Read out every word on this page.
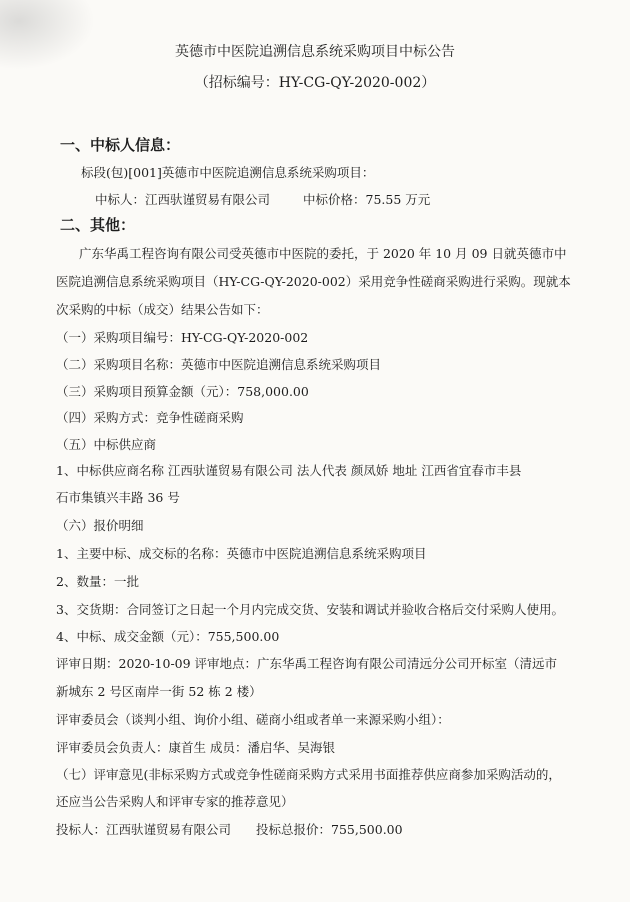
英德市中医院追溯信息系统采购项目中标公告
（招标编号：HY-CG-QY-2020-002）
一、中标人信息：
标段(包)[001]英德市中医院追溯信息系统采购项目：
中标人：江西驮谨贸易有限公司	中标价格：75.55 万元
二、其他：
广东华禹工程咨询有限公司受英德市中医院的委托，于 2020 年 10 月 09 日就英德市中
医院追溯信息系统采购项目（HY-CG-QY-2020-002）采用竞争性磋商采购进行采购。现就本
次采购的中标（成交）结果公告如下：
（一）采购项目编号：HY-CG-QY-2020-002
（二）采购项目名称：英德市中医院追溯信息系统采购项目
（三）采购项目预算金额（元）：758,000.00
（四）采购方式：竞争性磋商采购
（五）中标供应商
1、中标供应商名称 江西驮谨贸易有限公司 法人代表 颜凤娇 地址 江西省宜春市丰县
石市集镇兴丰路 36 号
（六）报价明细
1、主要中标、成交标的名称：英德市中医院追溯信息系统采购项目
2、数量：一批
3、交货期：合同签订之日起一个月内完成交货、安装和调试并验收合格后交付采购人使用。
4、中标、成交金额（元）：755,500.00
评审日期：2020-10-09 评审地点：广东华禹工程咨询有限公司清远分公司开标室（清远市
新城东 2 号区南岸一街 52 栋 2 楼）
评审委员会（谈判小组、询价小组、磋商小组或者单一来源采购小组）：
评审委员会负责人：康首生 成员：潘启华、吴海银
（七）评审意见(非标采购方式或竞争性磋商采购方式采用书面推荐供应商参加采购活动的，
还应当公告采购人和评审专家的推荐意见）
投标人：江西驮谨贸易有限公司 投标总报价：755,500.00
